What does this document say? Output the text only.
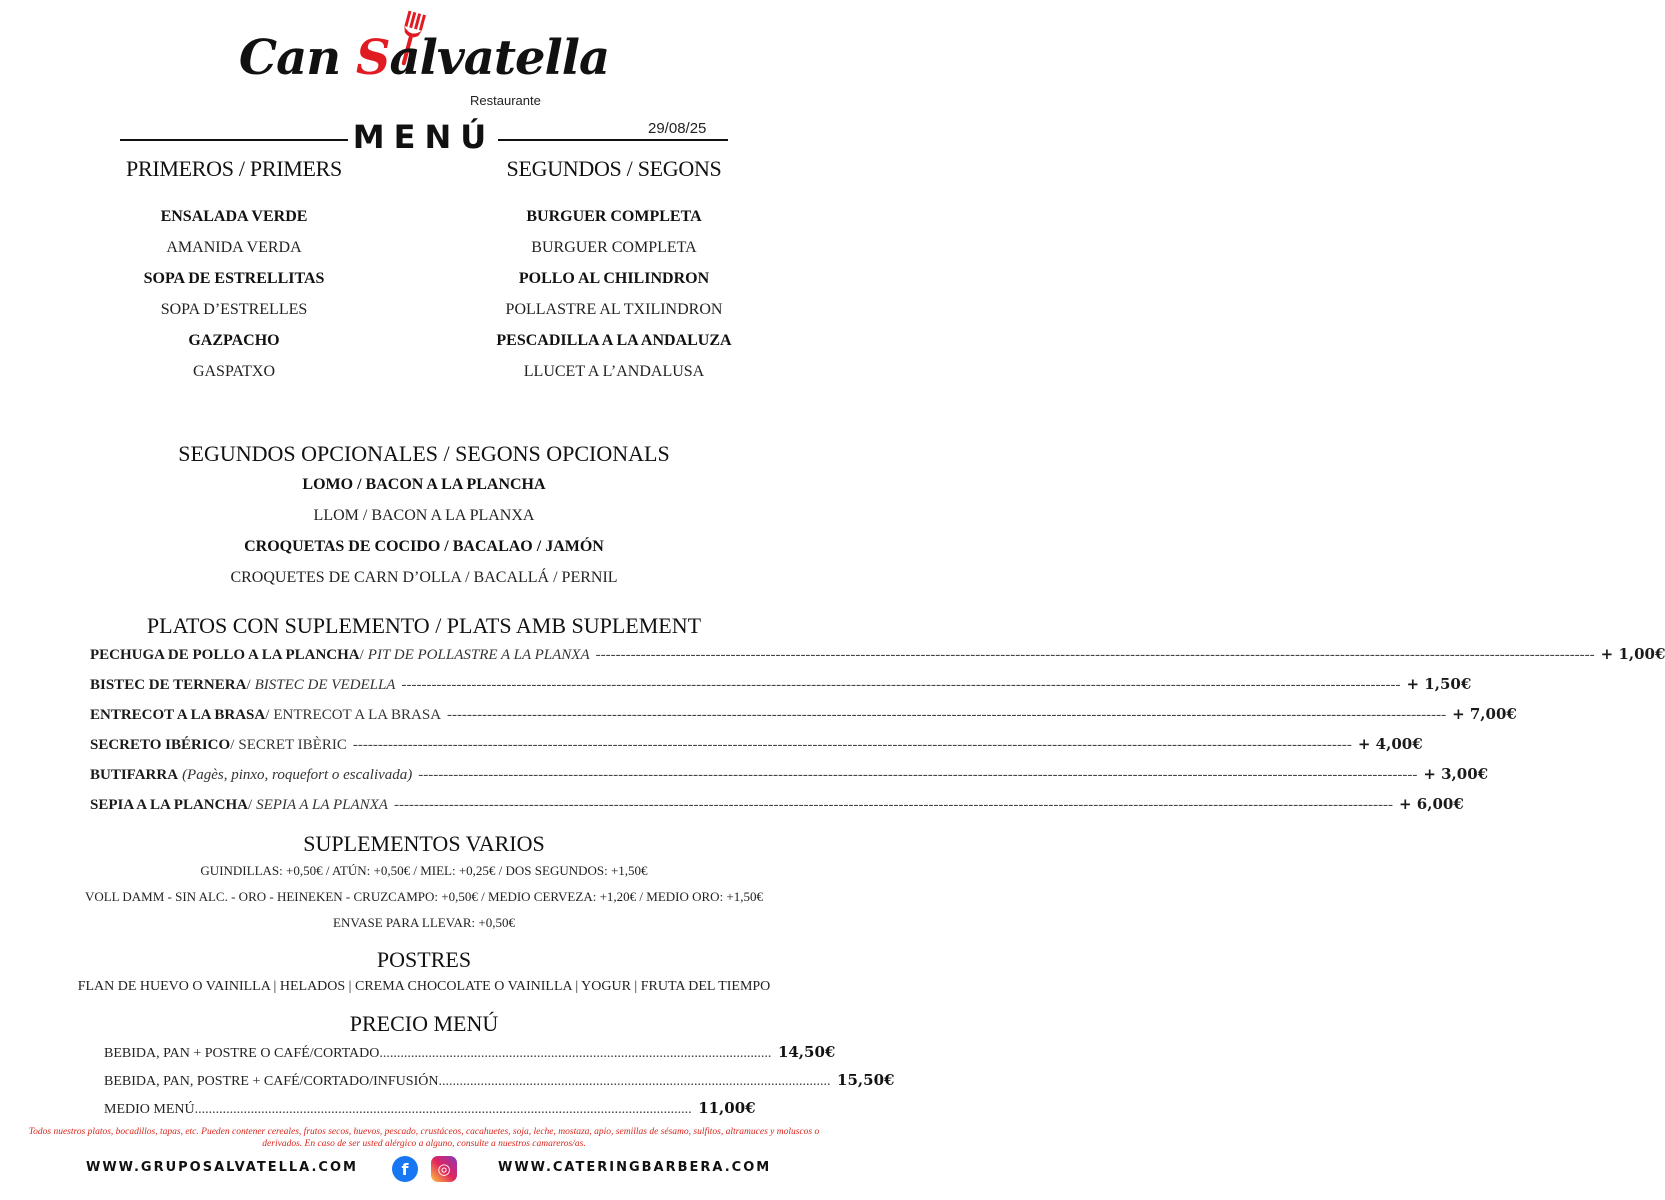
Can Salvatella
Restaurante
MENÚ	29/08/25
PRIMEROS / PRIMERS
ENSALADA VERDE
AMANIDA VERDA
SOPA DE ESTRELLITAS
SOPA D’ESTRELLES
GAZPACHO
GASPATXO
SEGUNDOS / SEGONS
BURGUER COMPLETA
BURGUER COMPLETA
POLLO AL CHILINDRON
POLLASTRE AL TXILINDRON
PESCADILLA A LA ANDALUZA
LLUCET A L’ANDALUSA
SEGUNDOS OPCIONALES / SEGONS OPCIONALS
LOMO / BACON A LA PLANCHA
LLOM / BACON A LA PLANXA
CROQUETAS DE COCIDO / BACALAO / JAMÓN
CROQUETES DE CARN D’OLLA / BACALLÁ / PERNIL
PLATOS CON SUPLEMENTO / PLATS AMB SUPLEMENT
PECHUGA DE POLLO A LA PLANCHA / PIT DE POLLASTRE A LA PLANXA -------------------------------------------------------------------------------------------------------------------------------------------------------------------------------------------------------- + 1,00€
BISTEC DE TERNERA / BISTEC DE VEDELLA -------------------------------------------------------------------------------------------------------------------------------------------------------------------------------------------------------- + 1,50€
ENTRECOT A LA BRASA / ENTRECOT A LA BRASA -------------------------------------------------------------------------------------------------------------------------------------------------------------------------------------------------------- + 7,00€
SECRETO IBÉRICO / SECRET IBÈRIC -------------------------------------------------------------------------------------------------------------------------------------------------------------------------------------------------------- + 4,00€
BUTIFARRA (Pagès, pinxo, roquefort o escalivada) -------------------------------------------------------------------------------------------------------------------------------------------------------------------------------------------------------- + 3,00€
SEPIA A LA PLANCHA / SEPIA A LA PLANXA -------------------------------------------------------------------------------------------------------------------------------------------------------------------------------------------------------- + 6,00€
SUPLEMENTOS VARIOS
GUINDILLAS: +0,50€ / ATÚN: +0,50€ / MIEL: +0,25€ / DOS SEGUNDOS: +1,50€
VOLL DAMM - SIN ALC. - ORO - HEINEKEN - CRUZCAMPO: +0,50€ / MEDIO CERVEZA: +1,20€ / MEDIO ORO: +1,50€
ENVASE PARA LLEVAR: +0,50€
POSTRES
FLAN DE HUEVO O VAINILLA | HELADOS | CREMA CHOCOLATE O VAINILLA | YOGUR | FRUTA DEL TIEMPO
PRECIO MENÚ
BEBIDA, PAN + POSTRE O CAFÉ/CORTADO ................................................................................................................ 14,50€
BEBIDA, PAN, POSTRE + CAFÉ/CORTADO/INFUSIÓN ................................................................................................................ 15,50€
MEDIO MENÚ .............................................................................................................................................. 11,00€
Todos nuestros platos, bocadillos, tapas, etc. Pueden contener cereales, frutos secos, huevos, pescado, crustáceos, cacahuetes, soja, leche, mostaza, apio, semillas de sésamo, sulfitos, altramuces y moluscos o derivados. En caso de ser usted alérgico a alguno, consulte a nuestros camareros/as.
WWW.GRUPOSALVATELLA.COM	f	◎	WWW.CATERINGBARBERA.COM
